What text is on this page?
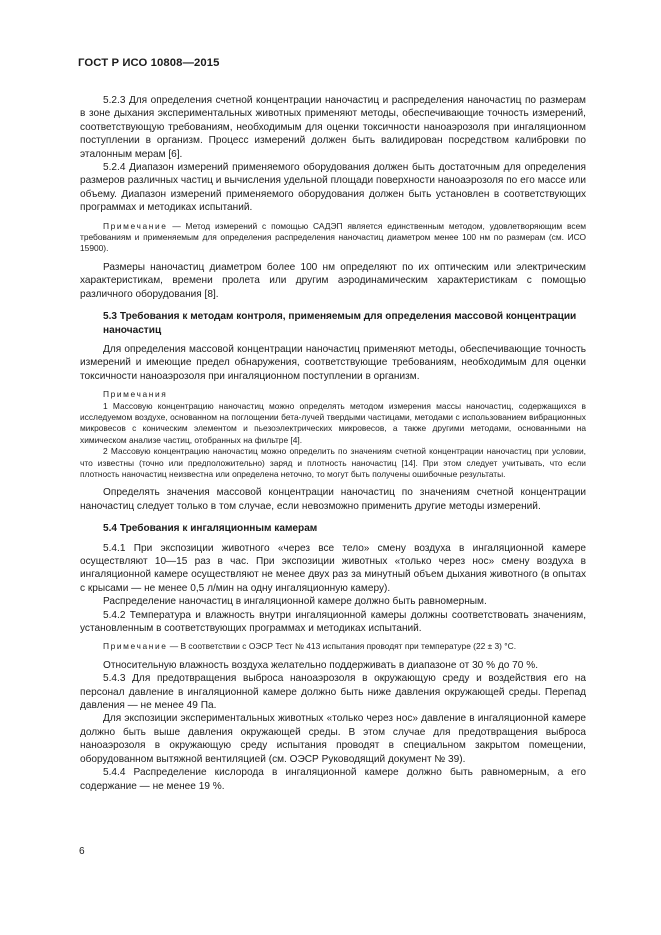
ГОСТ Р ИСО 10808—2015

5.2.3 Для определения счетной концентрации наночастиц и распределения наночастиц по размерам в зоне дыхания экспериментальных животных применяют методы, обеспечивающие точность измерений, соответствующую требованиям, необходимым для оценки токсичности нанoаэрозоля при ингаляционном поступлении в организм. Процесс измерений должен быть валидирован посредством калибровки по эталонным мерам [6].

5.2.4 Диапазон измерений применяемого оборудования должен быть достаточным для определения размеров различных частиц и вычисления удельной площади поверхности нанoаэрозоля по его массе или объему. Диапазон измерений применяемого оборудования должен быть установлен в соответствующих программах и методиках испытаний.

Примечание — Метод измерений с помощью САДЭП является единственным методом, удовлетворяющим всем требованиям и применяемым для определения распределения наночастиц диаметром менее 100 нм по размерам (см. ИСО 15900).

Размеры наночастиц диаметром более 100 нм определяют по их оптическим или электрическим характеристикам, времени пролета или другим аэродинамическим характеристикам с помощью различного оборудования [8].

5.3 Требования к методам контроля, применяемым для определения массовой концентрации наночастиц

Для определения массовой концентрации наночастиц применяют методы, обеспечивающие точность измерений и имеющие предел обнаружения, соответствующие требованиям, необходимым для оценки токсичности нанoаэрозоля при ингаляционном поступлении в организм.

Примечания

1 Массовую концентрацию наночастиц можно определять методом измерения массы наночастиц, содержащихся в исследуемом воздухе, основанном на поглощении бета-лучей твердыми частицами, методами с использованием вибрационных микровесов с коническим элементом и пьезоэлектрических микровесов, а также другими методами, основанными на химическом анализе частиц, отобранных на фильтре [4].

2 Массовую концентрацию наночастиц можно определить по значениям счетной концентрации наночастиц при условии, что известны (точно или предположительно) заряд и плотность наночастиц [14]. При этом следует учитывать, что если плотность наночастиц неизвестна или определена неточно, то могут быть получены ошибочные результаты.

Определять значения массовой концентрации наночастиц по значениям счетной концентрации наночастиц следует только в том случае, если невозможно применить другие методы измерений.

5.4 Требования к ингаляционным камерам

5.4.1 При экспозиции животного «через все тело» смену воздуха в ингаляционной камере осуществляют 10—15 раз в час. При экспозиции животных «только через нос» смену воздуха в ингаляционной камере осуществляют не менее двух раз за минутный объем дыхания животного (в опытах с крысами — не менее 0,5 л/мин на одну ингаляционную камеру).

Распределение наночастиц в ингаляционной камере должно быть равномерным.

5.4.2 Температура и влажность внутри ингаляционной камеры должны соответствовать значениям, установленным в соответствующих программах и методиках испытаний.

Примечание — В соответствии с ОЭСР Тест № 413 испытания проводят при температуре (22 ± 3) °С.

Относительную влажность воздуха желательно поддерживать в диапазоне от 30 % до 70 %.

5.4.3 Для предотвращения выброса нанoаэрозоля в окружающую среду и воздействия его на персонал давление в ингаляционной камере должно быть ниже давления окружающей среды. Перепад давления — не менее 49 Па.

Для экспозиции экспериментальных животных «только через нос» давление в ингаляционной камере должно быть выше давления окружающей среды. В этом случае для предотвращения выброса нанoаэрозоля в окружающую среду испытания проводят в специальном закрытом помещении, оборудованном вытяжной вентиляцией (см. ОЭСР Руководящий документ № 39).

5.4.4 Распределение кислорода в ингаляционной камере должно быть равномерным, а его содержание — не менее 19 %.

6
